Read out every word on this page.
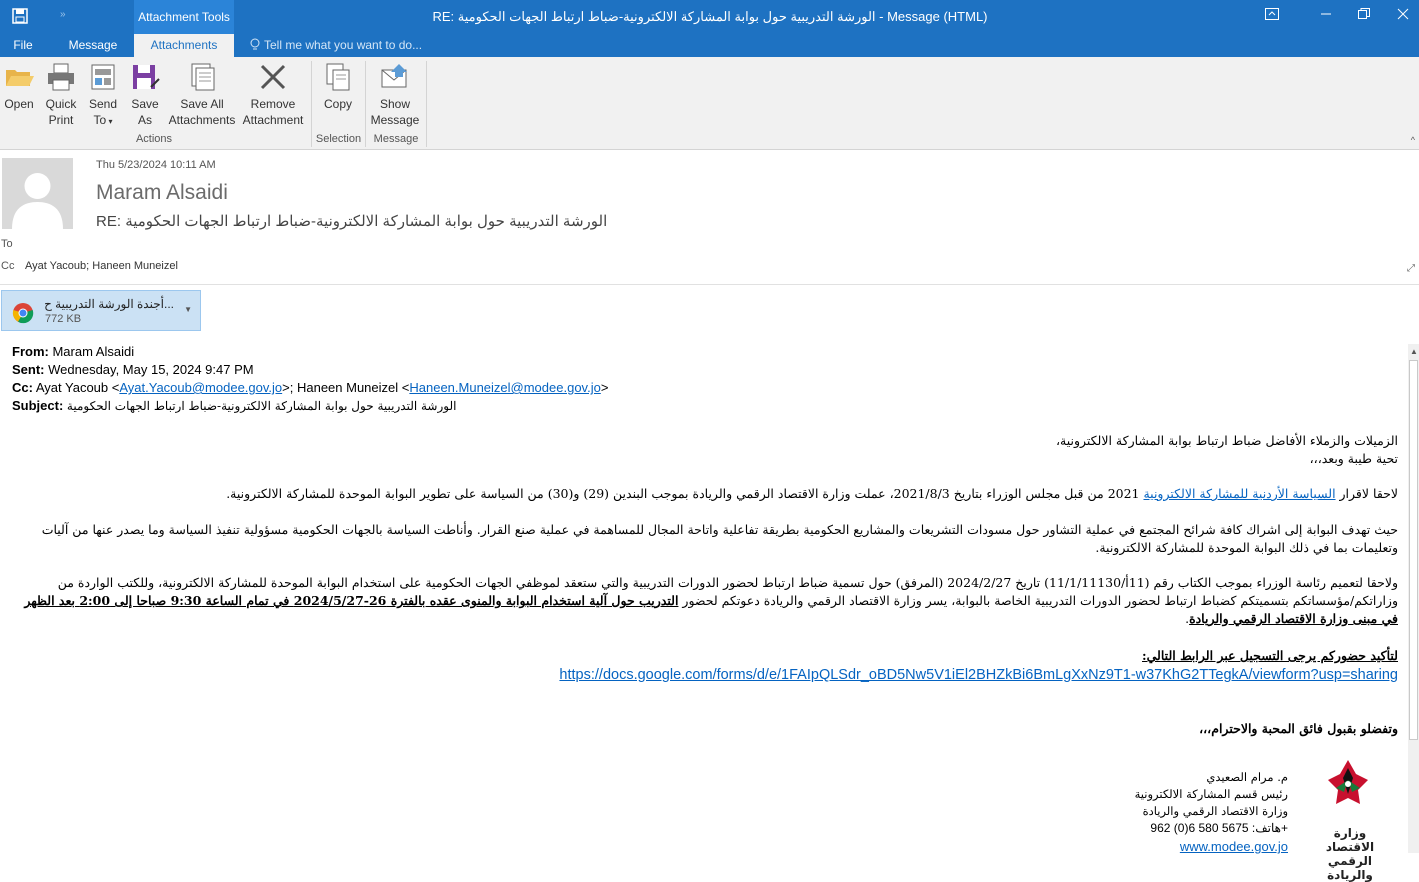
»	Attachment Tools	RE: الورشة التدريبية حول بوابة المشاركة الالكترونية-ضباط ارتباط الجهات الحكومية - Message (HTML)
File	Message	Attachments	Tell me what you want to do...
Open Quick
Print
Send
To ▾
Save
As
Save All
Attachments
Remove
Attachment
Actions
Copy
Selection
Show
Message
Message	^
Thu 5/23/2024 10:11 AM
Maram Alsaidi
RE: الورشة التدريبية حول بوابة المشاركة الالكترونية-ضباط ارتباط الجهات الحكومية
To
Cc Ayat Yacoub; Haneen Muneizel	⤢
أجندة الورشة التدريبية ح...
772 KB
▼
From: Maram Alsaidi
Sent: Wednesday, May 15, 2024 9:47 PM
Cc: Ayat Yacoub <Ayat.Yacoub@modee.gov.jo>; Haneen Muneizel <Haneen.Muneizel@modee.gov.jo>
Subject: الورشة التدريبية حول بوابة المشاركة الالكترونية-ضباط ارتباط الجهات الحكومية
الزميلات والزملاء الأفاضل ضباط ارتباط بوابة المشاركة الالكترونية،
تحية طيبة وبعد،،،
لاحقا لاقرار السياسة الأردنية للمشاركة الالكترونية 2021 من قبل مجلس الوزراء بتاريخ 2021/8/3، عملت وزارة الاقتصاد الرقمي والريادة بموجب البندين (29) و(30) من السياسة على تطوير البوابة الموحدة للمشاركة الالكترونية.
حيث تهدف البوابة إلى اشراك كافة شرائح المجتمع في عملية التشاور حول مسودات التشريعات والمشاريع الحكومية بطريقة تفاعلية واتاحة المجال للمساهمة في عملية صنع القرار. وأناطت السياسة بالجهات الحكومية مسؤولية تنفيذ السياسة وما يصدر عنها من آليات وتعليمات بما في ذلك البوابة الموحدة للمشاركة الالكترونية.
ولاحقا لتعميم رئاسة الوزراء بموجب الكتاب رقم (11أ/11/1/11130) تاريخ 2024/2/27 (المرفق) حول تسمية ضباط ارتباط لحضور الدورات التدريبية والتي ستعقد لموظفي الجهات الحكومية على استخدام البوابة الموحدة للمشاركة الالكترونية، وللكتب الواردة من وزاراتكم/مؤسساتكم بتسميتكم كضباط ارتباط لحضور الدورات التدريبية الخاصة بالبوابة، يسر وزارة الاقتصاد الرقمي والريادة دعوتكم لحضور التدريب حول آلية استخدام البوابة والمنوى عقده بالفترة 26-2024/5/27 في تمام الساعة 9:30 صباحا إلى 2:00 بعد الظهر في مبنى وزارة الاقتصاد الرقمي والريادة.
لتأكيد حضوركم يرجى التسجيل عبر الرابط التالي:
https://docs.google.com/forms/d/e/1FAIpQLSdr_oBD5Nw5V1iEl2BHZkBi6BmLgXxNz9T1-w37KhG2TTegkA/viewform?usp=sharing
وتفضلو بقبول فائق المحبة والاحترام،،،
م. مرام الصعيدي
رئيس قسم المشاركة الالكترونية
وزارة الاقتصاد الرقمي والريادة
هاتف: 5675 580 6(0) 962+
www.modee.gov.jo
وزارة الاقتصاد الرقمي والريادة
▲
